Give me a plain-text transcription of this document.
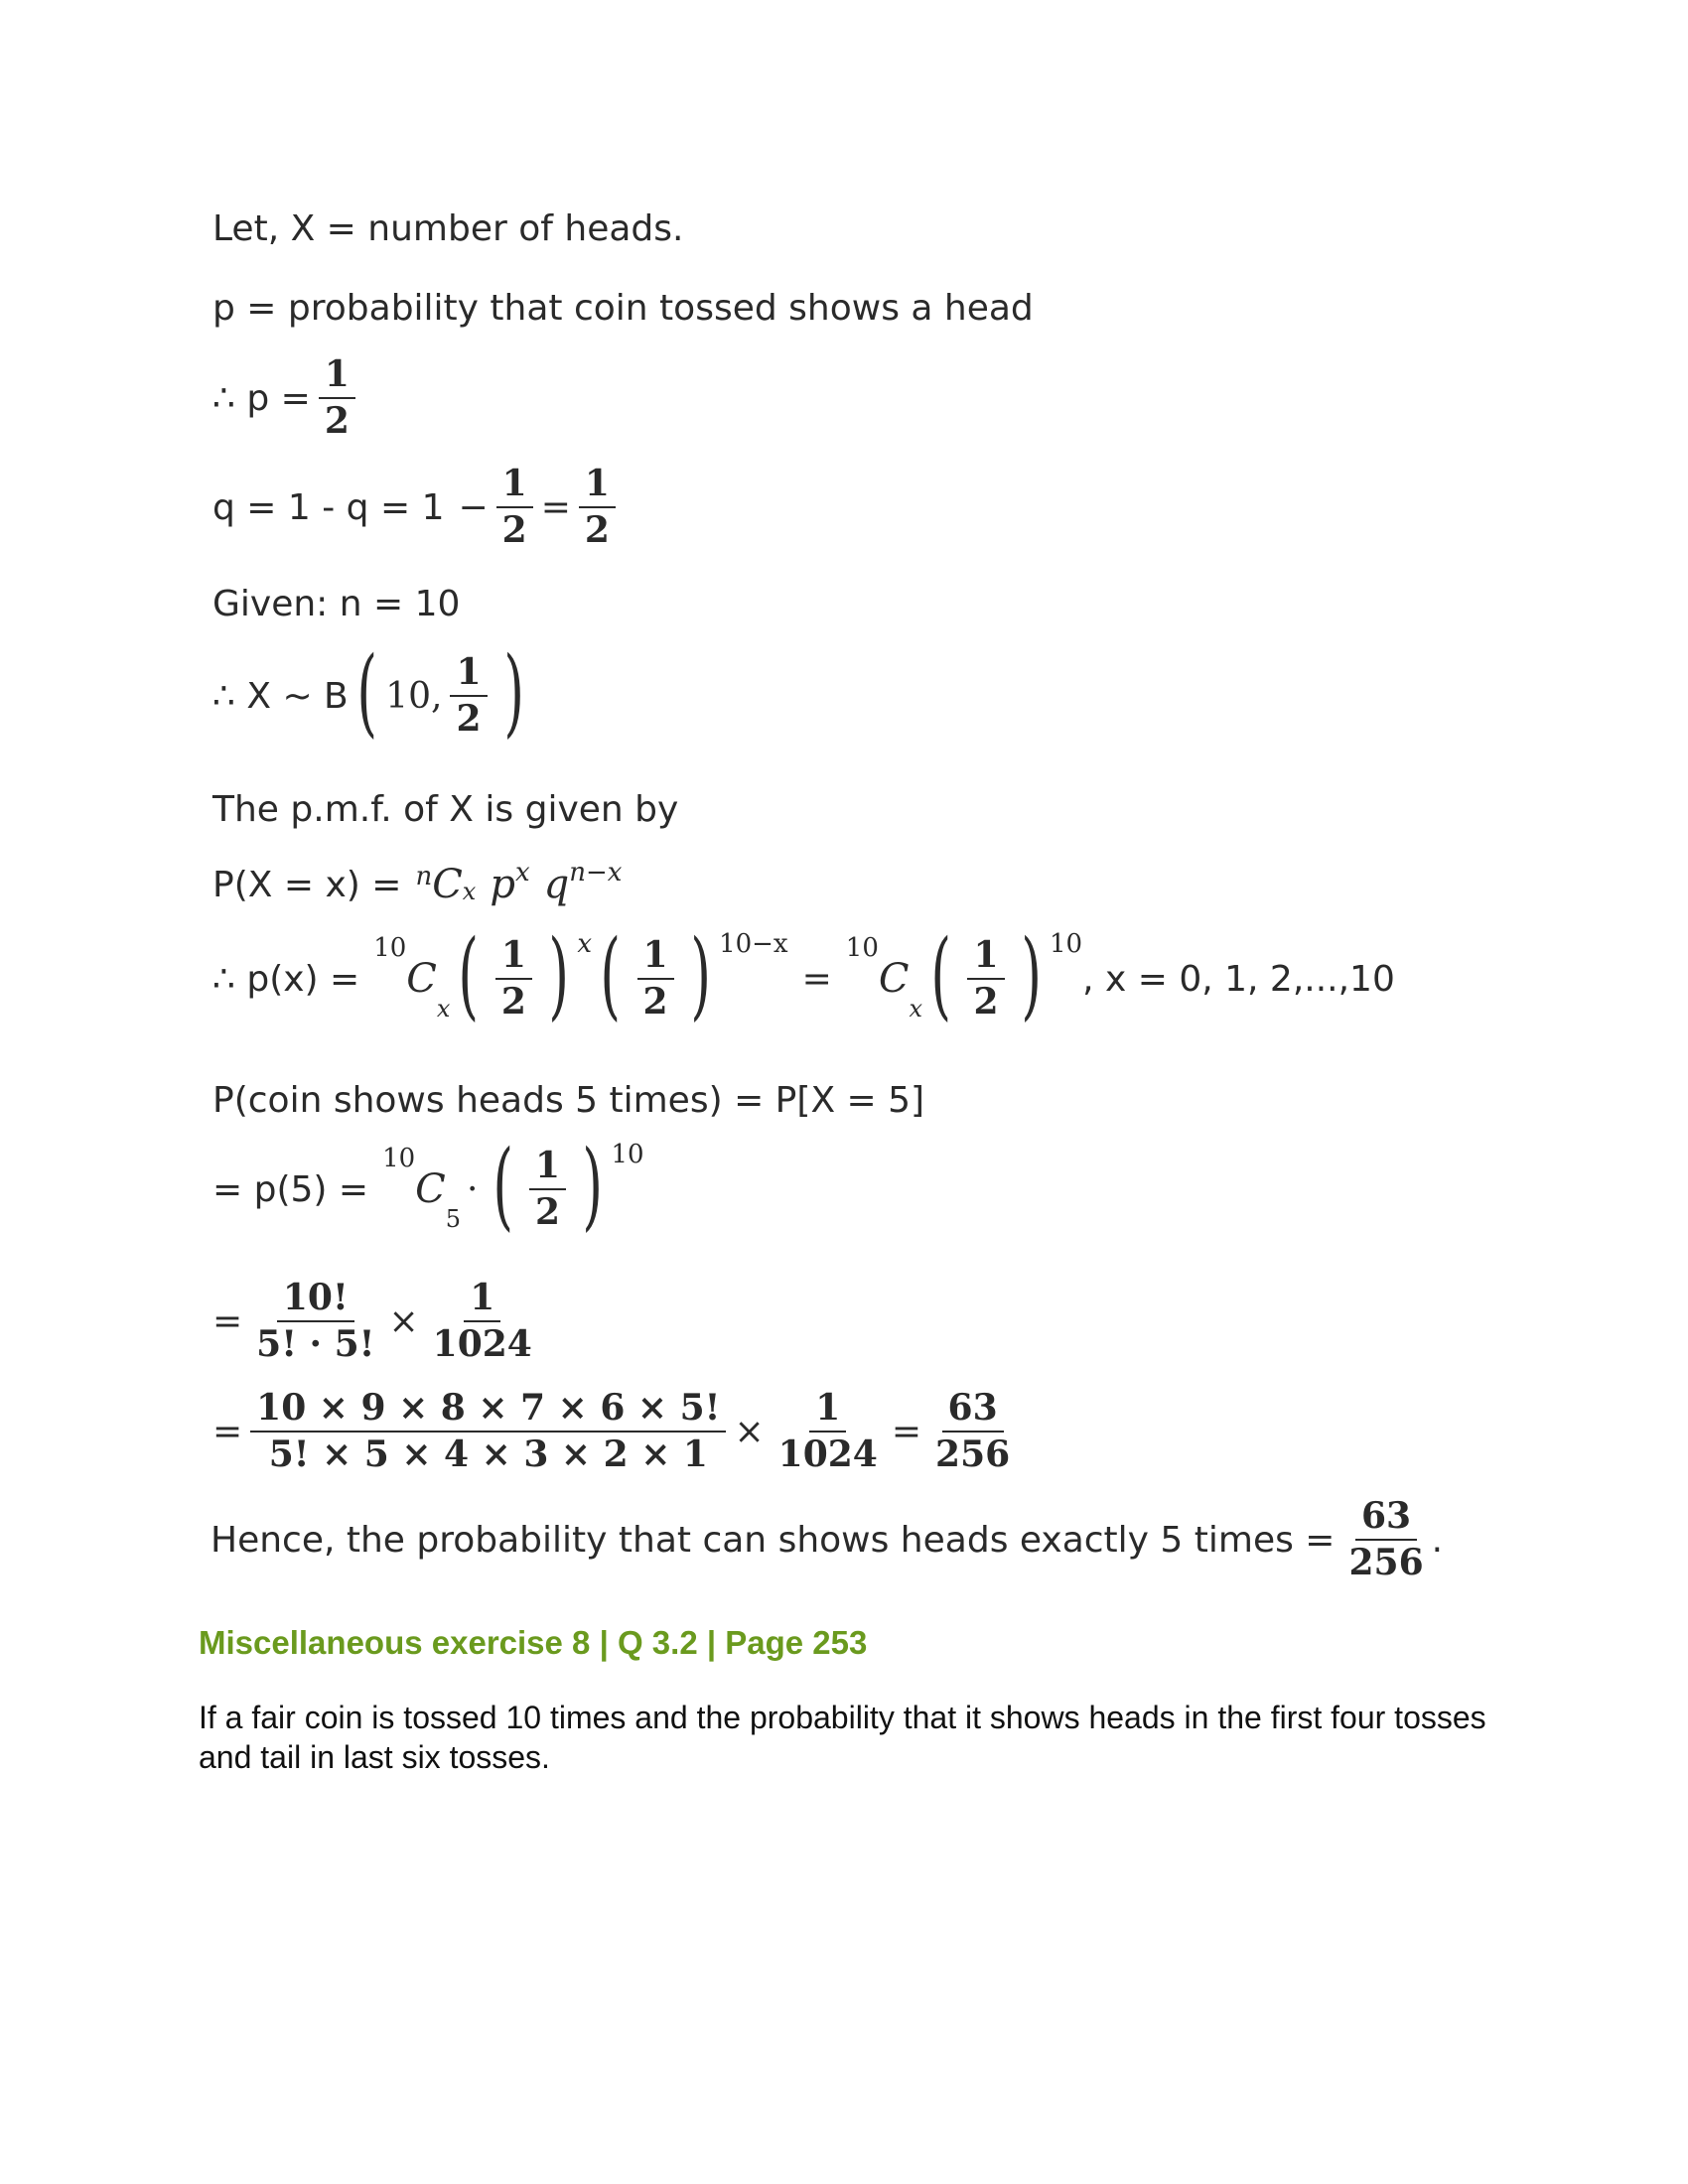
Let, X = number of heads.
p = probability that coin tossed shows a head
∴ $p = \frac{1}{2}$
$q = 1 - q = 1 - \frac{1}{2} = \frac{1}{2}$
Given: n = 10
∴ X ~ B ( 10, $\frac{1}{2}$ )
The p.m.f. of X is given by
P(X = x) = n C x p x q n−x
∴ p(x) =
10
C
x ( $\frac{1}{2}$ ) x ( $\frac{1}{2}$ ) 10−x
=
10
C
x ( $\frac{1}{2}$ ) 10
, x = 0, 1, 2,...,10
P(coin shows heads 5 times) = P[X = 5]
= p(5) =
10
C
5
· ( $\frac{1}{2}$ ) 10
= $\frac{10!}{5! \cdot 5!} \times \frac{1}{1024}$
= $\frac{10 \times 9 \times 8 \times 7 \times 6 \times 5!}{5! \times 5 \times 4 \times 3 \times 2 \times 1} \times \frac{1}{1024} = \frac{63}{256}$
Hence, the probability that can shows heads exactly 5 times = $\frac{63}{256}$ .
Miscellaneous exercise 8 | Q 3.2 | Page 253
If a fair coin is tossed 10 times and the probability that it shows heads in the first four tosses and tail in last six tosses.
